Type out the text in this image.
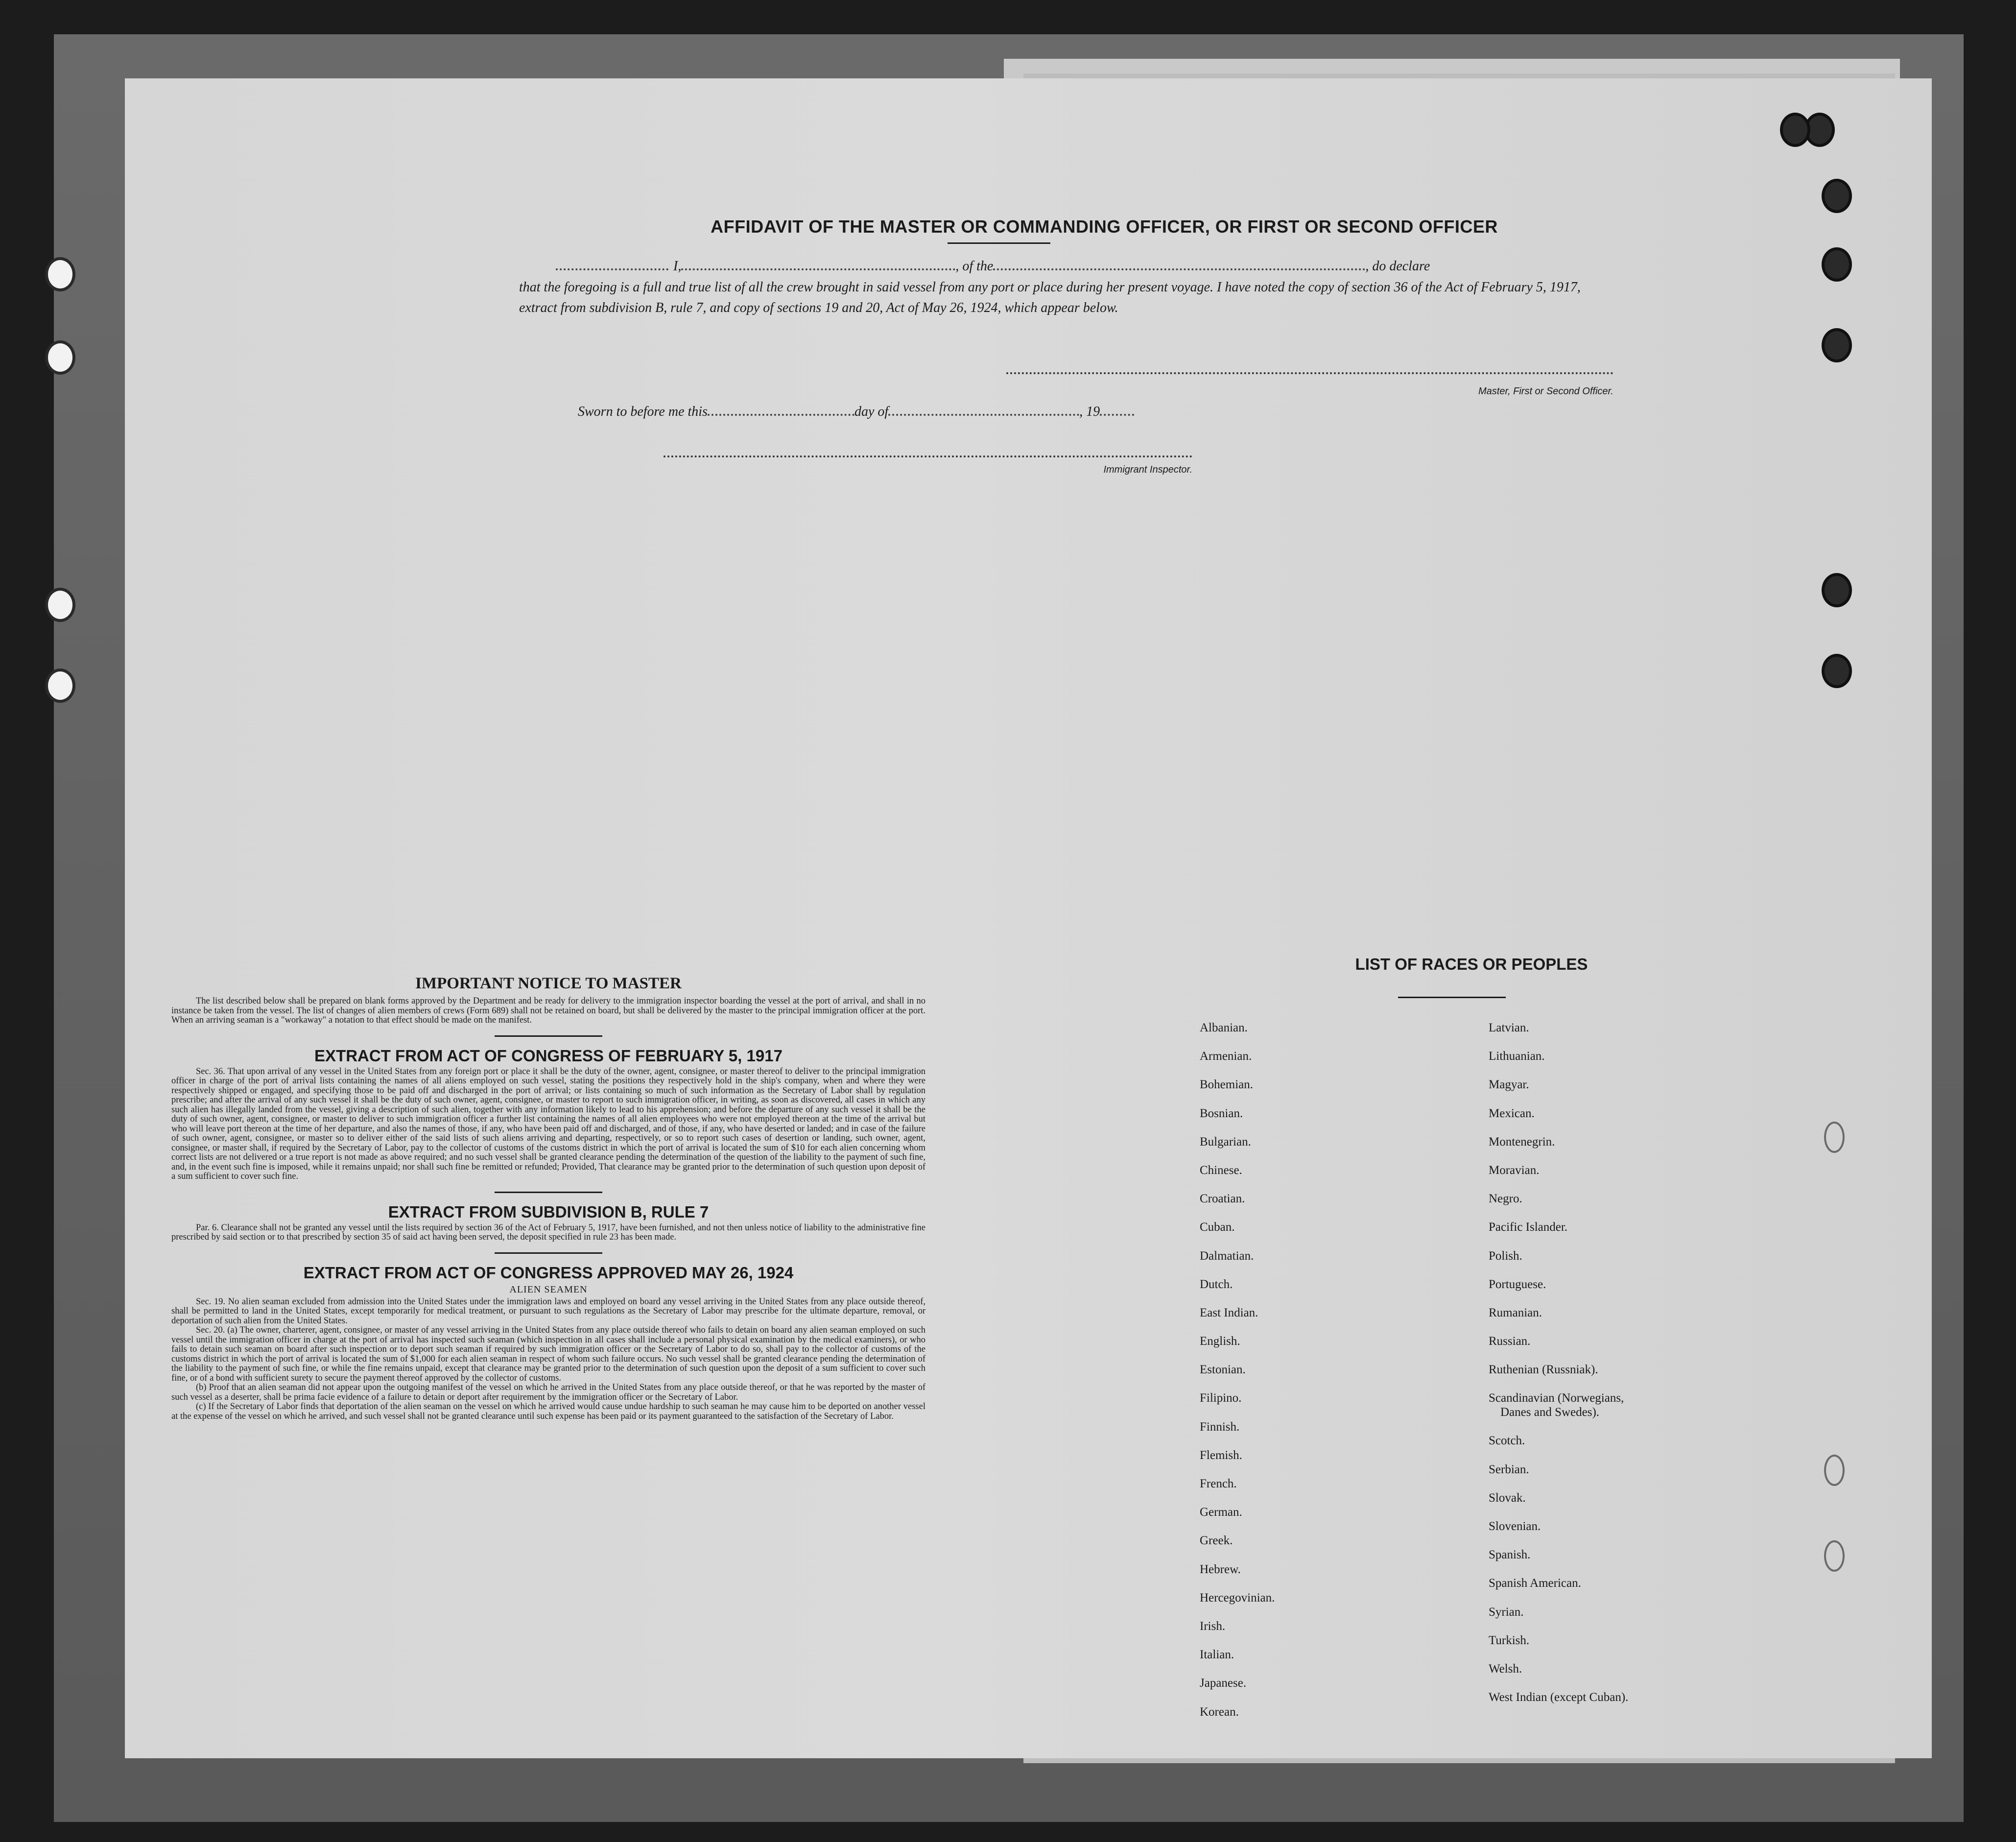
AFFIDAVIT OF THE MASTER OR COMMANDING OFFICER, OR FIRST OR SECOND OFFICER
I,	, of the	, do declare
that the foregoing is a full and true list of all the crew brought in said vessel from any port or place during her present voyage. I have noted the copy of section 36 of the Act of February 5, 1917, extract from subdivision B, rule 7, and copy of sections 19 and 20, Act of May 26, 1924, which appear below.
Master, First or Second Officer.
Sworn to before me this	day of	, 19
Immigrant Inspector.
IMPORTANT NOTICE TO MASTER

The list described below shall be prepared on blank forms approved by the Department and be ready for delivery to the immigration inspector boarding the vessel at the port of arrival, and shall in no instance be taken from the vessel. The list of changes of alien members of crews (Form 689) shall not be retained on board, but shall be delivered by the master to the principal immigration officer at the port. When an arriving seaman is a "workaway" a notation to that effect should be made on the manifest.

EXTRACT FROM ACT OF CONGRESS OF FEBRUARY 5, 1917

Sec. 36. That upon arrival of any vessel in the United States from any foreign port or place it shall be the duty of the owner, agent, consignee, or master thereof to deliver to the principal immigration officer in charge of the port of arrival lists containing the names of all aliens employed on such vessel, stating the positions they respectively hold in the ship's company, when and where they were respectively shipped or engaged, and specifying those to be paid off and discharged in the port of arrival; or lists containing so much of such information as the Secretary of Labor shall by regulation prescribe; and after the arrival of any such vessel it shall be the duty of such owner, agent, consignee, or master to report to such immigration officer, in writing, as soon as discovered, all cases in which any such alien has illegally landed from the vessel, giving a description of such alien, together with any information likely to lead to his apprehension; and before the departure of any such vessel it shall be the duty of such owner, agent, consignee, or master to deliver to such immigration officer a further list containing the names of all alien employees who were not employed thereon at the time of the arrival but who will leave port thereon at the time of her departure, and also the names of those, if any, who have been paid off and discharged, and of those, if any, who have deserted or landed; and in case of the failure of such owner, agent, consignee, or master so to deliver either of the said lists of such aliens arriving and departing, respectively, or so to report such cases of desertion or landing, such owner, agent, consignee, or master shall, if required by the Secretary of Labor, pay to the collector of customs of the customs district in which the port of arrival is located the sum of $10 for each alien concerning whom correct lists are not delivered or a true report is not made as above required; and no such vessel shall be granted clearance pending the determination of the question of the liability to the payment of such fine, and, in the event such fine is imposed, while it remains unpaid; nor shall such fine be remitted or refunded; Provided, That clearance may be granted prior to the determination of such question upon deposit of a sum sufficient to cover such fine.

EXTRACT FROM SUBDIVISION B, RULE 7

Par. 6. Clearance shall not be granted any vessel until the lists required by section 36 of the Act of February 5, 1917, have been furnished, and not then unless notice of liability to the administrative fine prescribed by said section or to that prescribed by section 35 of said act having been served, the deposit specified in rule 23 has been made.

EXTRACT FROM ACT OF CONGRESS APPROVED MAY 26, 1924
ALIEN SEAMEN

Sec. 19. No alien seaman excluded from admission into the United States under the immigration laws and employed on board any vessel arriving in the United States from any place outside thereof, shall be permitted to land in the United States, except temporarily for medical treatment, or pursuant to such regulations as the Secretary of Labor may prescribe for the ultimate departure, removal, or deportation of such alien from the United States.

Sec. 20. (a) The owner, charterer, agent, consignee, or master of any vessel arriving in the United States from any place outside thereof who fails to detain on board any alien seaman employed on such vessel until the immigration officer in charge at the port of arrival has inspected such seaman (which inspection in all cases shall include a personal physical examination by the medical examiners), or who fails to detain such seaman on board after such inspection or to deport such seaman if required by such immigration officer or the Secretary of Labor to do so, shall pay to the collector of customs of the customs district in which the port of arrival is located the sum of $1,000 for each alien seaman in respect of whom such failure occurs. No such vessel shall be granted clearance pending the determination of the liability to the payment of such fine, or while the fine remains unpaid, except that clearance may be granted prior to the determination of such question upon the deposit of a sum sufficient to cover such fine, or of a bond with sufficient surety to secure the payment thereof approved by the collector of customs.

(b) Proof that an alien seaman did not appear upon the outgoing manifest of the vessel on which he arrived in the United States from any place outside thereof, or that he was reported by the master of such vessel as a deserter, shall be prima facie evidence of a failure to detain or deport after requirement by the immigration officer or the Secretary of Labor.

(c) If the Secretary of Labor finds that deportation of the alien seaman on the vessel on which he arrived would cause undue hardship to such seaman he may cause him to be deported on another vessel at the expense of the vessel on which he arrived, and such vessel shall not be granted clearance until such expense has been paid or its payment guaranteed to the satisfaction of the Secretary of Labor.

LIST OF RACES OR PEOPLES
Albanian.
Armenian.
Bohemian.
Bosnian.
Bulgarian.
Chinese.
Croatian.
Cuban.
Dalmatian.
Dutch.
East Indian.
English.
Estonian.
Filipino.
Finnish.
Flemish.
French.
German.
Greek.
Hebrew.
Hercegovinian.
Irish.
Italian.
Japanese.
Korean.
Latvian.
Lithuanian.
Magyar.
Mexican.
Montenegrin.
Moravian.
Negro.
Pacific Islander.
Polish.
Portuguese.
Rumanian.
Russian.
Ruthenian (Russniak).
Scandinavian (Norwegians,
Danes and Swedes).
Scotch.
Serbian.
Slovak.
Slovenian.
Spanish.
Spanish American.
Syrian.
Turkish.
Welsh.
West Indian (except Cuban).
